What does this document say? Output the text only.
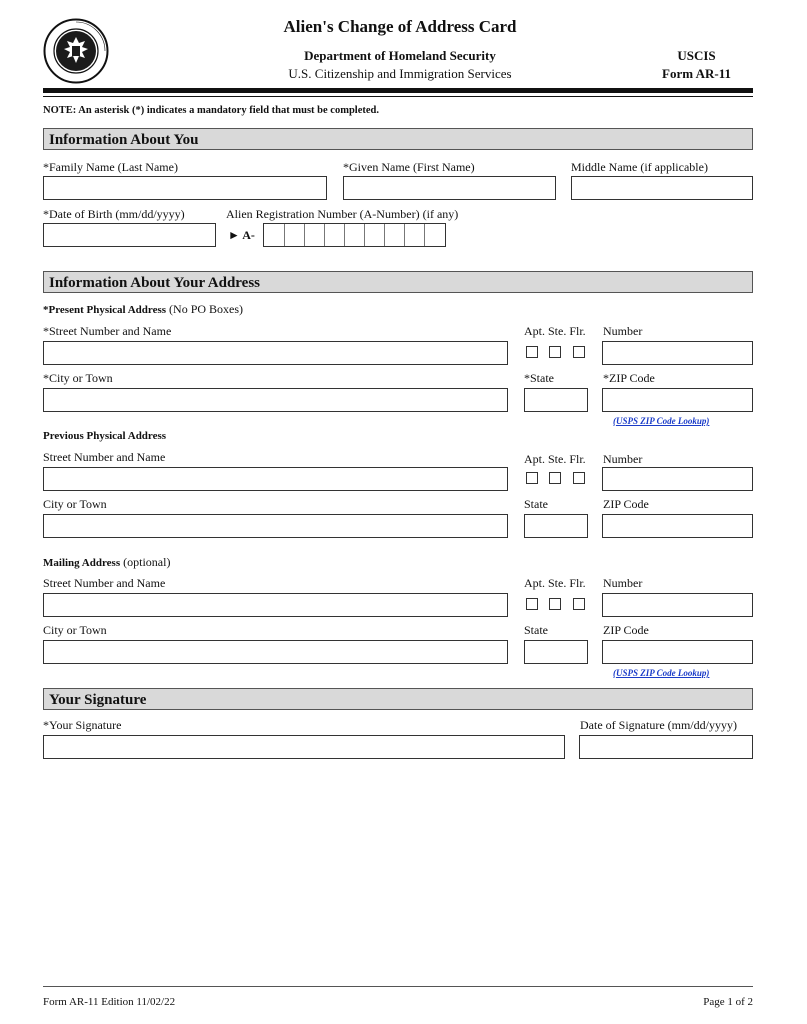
Alien's Change of Address Card
Department of Homeland Security
U.S. Citizenship and Immigration Services
USCIS
Form AR-11
NOTE: An asterisk (*) indicates a mandatory field that must be completed.
Information About You
*Family Name (Last Name)	*Given Name (First Name)	Middle Name (if applicable)
*Date of Birth (mm/dd/yyyy)	Alien Registration Number (A-Number) (if any)
► A-
Information About Your Address
*Present Physical Address (No PO Boxes)
*Street Number and Name	Apt. Ste. Flr. Number
*City or Town	*State	*ZIP Code
(USPS ZIP Code Lookup)
Previous Physical Address
Street Number and Name	Apt. Ste. Flr. Number
City or Town	State	ZIP Code
Mailing Address (optional)
Street Number and Name	Apt. Ste. Flr. Number
City or Town	State	ZIP Code
(USPS ZIP Code Lookup)
Your Signature
*Your Signature	Date of Signature (mm/dd/yyyy)
Form AR-11 Edition 11/02/22	Page 1 of 2
